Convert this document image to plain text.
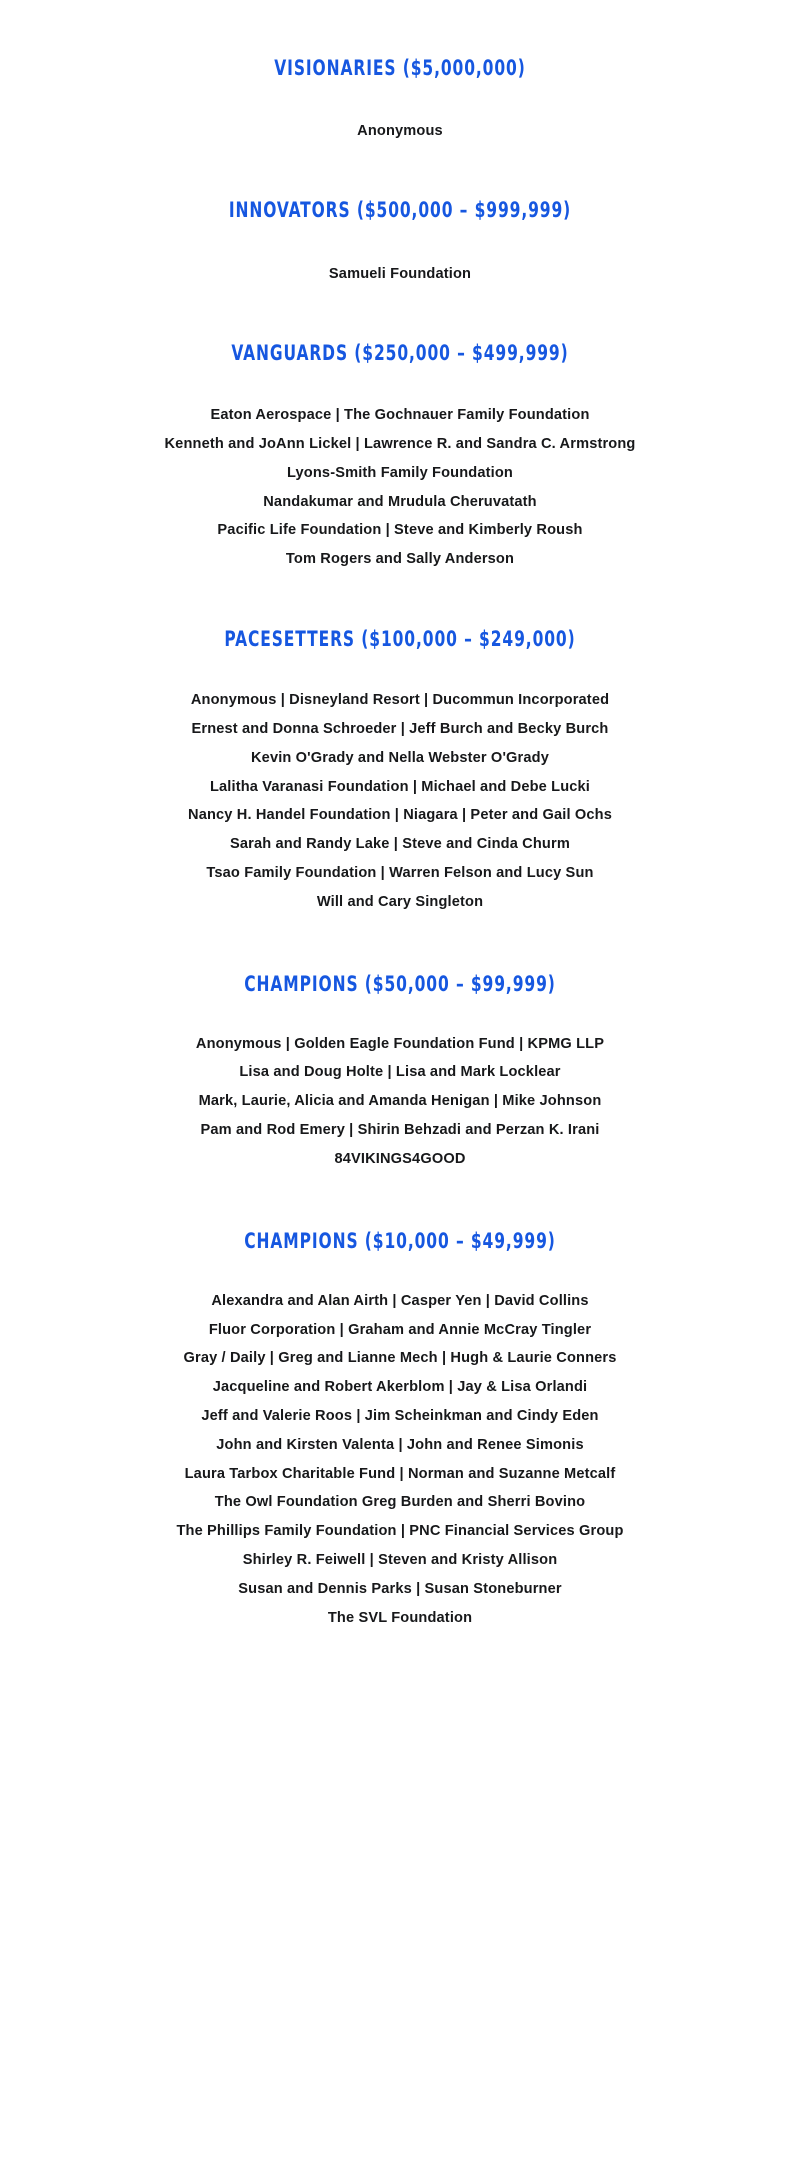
VISIONARIES ($5,000,000)
Anonymous
INNOVATORS ($500,000 – $999,999)
Samueli Foundation
VANGUARDS ($250,000 – $499,999)
Eaton Aerospace | The Gochnauer Family Foundation
Kenneth and JoAnn Lickel | Lawrence R. and Sandra C. Armstrong
Lyons-Smith Family Foundation
Nandakumar and Mrudula Cheruvatath
Pacific Life Foundation | Steve and Kimberly Roush
Tom Rogers and Sally Anderson
PACESETTERS ($100,000 – $249,000)
Anonymous | Disneyland Resort | Ducommun Incorporated
Ernest and Donna Schroeder | Jeff Burch and Becky Burch
Kevin O'Grady and Nella Webster O'Grady
Lalitha Varanasi Foundation | Michael and Debe Lucki
Nancy H. Handel Foundation | Niagara | Peter and Gail Ochs
Sarah and Randy Lake | Steve and Cinda Churm
Tsao Family Foundation | Warren Felson and Lucy Sun
Will and Cary Singleton
CHAMPIONS ($50,000 – $99,999)
Anonymous | Golden Eagle Foundation Fund | KPMG LLP
Lisa and Doug Holte | Lisa and Mark Locklear
Mark, Laurie, Alicia and Amanda Henigan | Mike Johnson
Pam and Rod Emery | Shirin Behzadi and Perzan K. Irani
84VIKINGS4GOOD
CHAMPIONS ($10,000 – $49,999)
Alexandra and Alan Airth | Casper Yen | David Collins
Fluor Corporation | Graham and Annie McCray Tingler
Gray / Daily | Greg and Lianne Mech | Hugh & Laurie Conners
Jacqueline and Robert Akerblom | Jay & Lisa Orlandi
Jeff and Valerie Roos | Jim Scheinkman and Cindy Eden
John and Kirsten Valenta | John and Renee Simonis
Laura Tarbox Charitable Fund | Norman and Suzanne Metcalf
The Owl Foundation Greg Burden and Sherri Bovino
The Phillips Family Foundation | PNC Financial Services Group
Shirley R. Feiwell | Steven and Kristy Allison
Susan and Dennis Parks | Susan Stoneburner
The SVL Foundation
